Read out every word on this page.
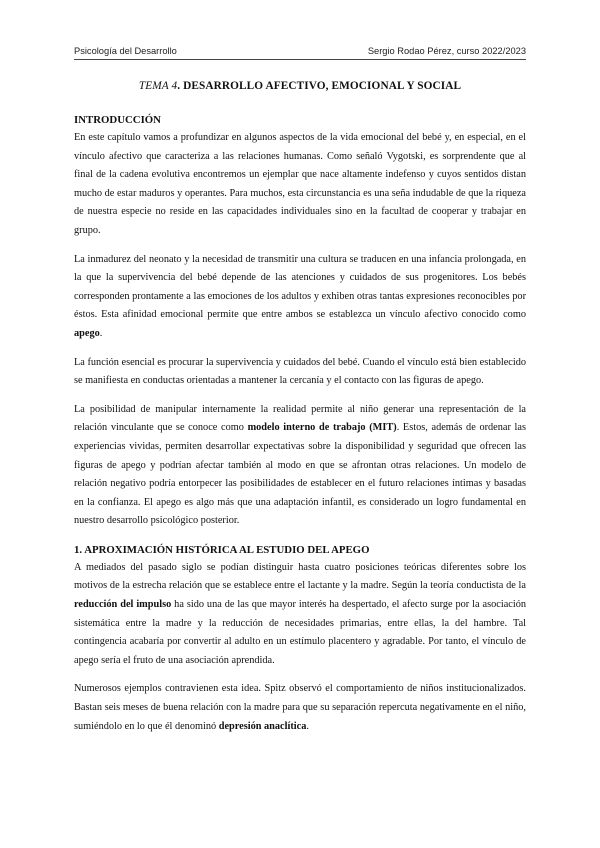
Psicología del Desarrollo	Sergio Rodao Pérez, curso 2022/2023
TEMA 4. DESARROLLO AFECTIVO, EMOCIONAL Y SOCIAL
INTRODUCCIÓN

En este capítulo vamos a profundizar en algunos aspectos de la vida emocional del bebé y, en especial, en el vínculo afectivo que caracteriza a las relaciones humanas. Como señaló Vygotski, es sorprendente que al final de la cadena evolutiva encontremos un ejemplar que nace altamente indefenso y cuyos sentidos distan mucho de estar maduros y operantes. Para muchos, esta circunstancia es una seña indudable de que la riqueza de nuestra especie no reside en las capacidades individuales sino en la facultad de cooperar y trabajar en grupo.

La inmadurez del neonato y la necesidad de transmitir una cultura se traducen en una infancia prolongada, en la que la supervivencia del bebé depende de las atenciones y cuidados de sus progenitores. Los bebés corresponden prontamente a las emociones de los adultos y exhiben otras tantas expresiones reconocibles por éstos. Esta afinidad emocional permite que entre ambos se establezca un vínculo afectivo conocido como apego.

La función esencial es procurar la supervivencia y cuidados del bebé. Cuando el vínculo está bien establecido se manifiesta en conductas orientadas a mantener la cercanía y el contacto con las figuras de apego.

La posibilidad de manipular internamente la realidad permite al niño generar una representación de la relación vinculante que se conoce como modelo interno de trabajo (MIT). Estos, además de ordenar las experiencias vividas, permiten desarrollar expectativas sobre la disponibilidad y seguridad que ofrecen las figuras de apego y podrían afectar también al modo en que se afrontan otras relaciones. Un modelo de relación negativo podría entorpecer las posibilidades de establecer en el futuro relaciones íntimas y basadas en la confianza. El apego es algo más que una adaptación infantil, es considerado un logro fundamental en nuestro desarrollo psicológico posterior.

1. APROXIMACIÓN HISTÓRICA AL ESTUDIO DEL APEGO

A mediados del pasado siglo se podían distinguir hasta cuatro posiciones teóricas diferentes sobre los motivos de la estrecha relación que se establece entre el lactante y la madre. Según la teoría conductista de la reducción del impulso ha sido una de las que mayor interés ha despertado, el afecto surge por la asociación sistemática entre la madre y la reducción de necesidades primarias, entre ellas, la del hambre. Tal contingencia acabaría por convertir al adulto en un estímulo placentero y agradable. Por tanto, el vínculo de apego sería el fruto de una asociación aprendida.

Numerosos ejemplos contravienen esta idea. Spitz observó el comportamiento de niños institucionalizados. Bastan seis meses de buena relación con la madre para que su separación repercuta negativamente en el niño, sumiéndolo en lo que él denominó depresión anaclítica.
